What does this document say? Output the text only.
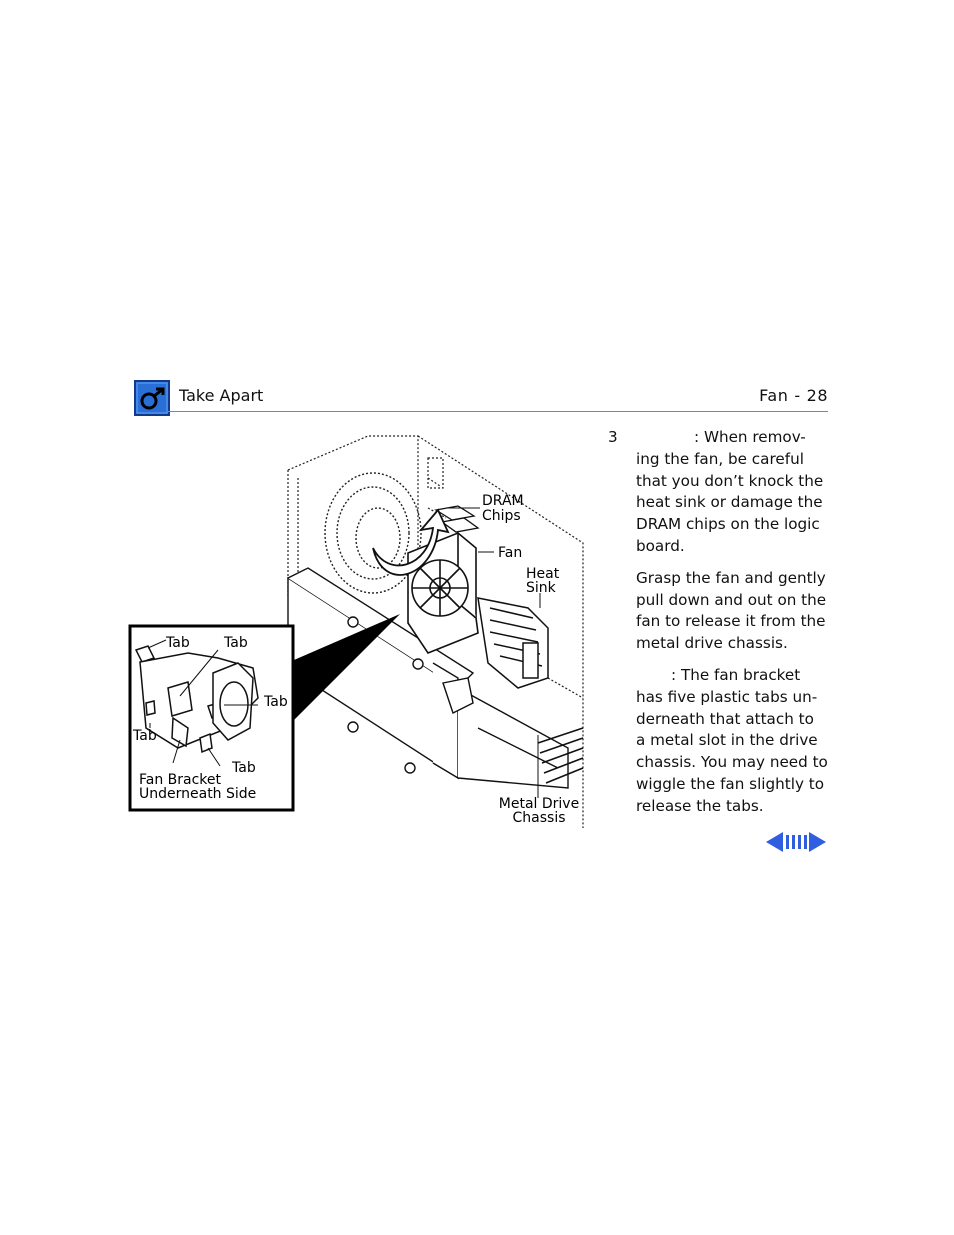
Take Apart	Fan - 28
DRAM
Chips
Fan
Heat
Sink
Metal Drive
Chassis
Tab Tab
Tab
Tab
Tab
Fan Bracket
Underneath Side
3	: When remov-ing the fan, be careful that you don’t knock the heat sink or damage the DRAM chips on the logic board.

Grasp the fan and gently pull down and out on the fan to release it from the metal drive chassis.

: The fan bracket has five plastic tabs un-derneath that attach to a metal slot in the drive chassis. You may need to wiggle the fan slightly to release the tabs.
